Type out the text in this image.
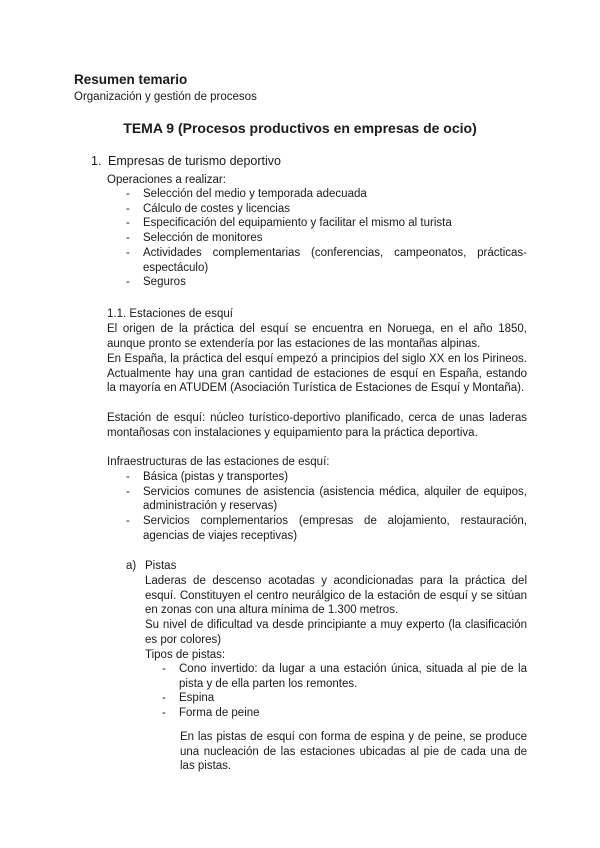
Resumen temario
Organización y gestión de procesos
TEMA 9 (Procesos productivos en empresas de ocio)
1. Empresas de turismo deportivo
Operaciones a realizar:
- Selección del medio y temporada adecuada
- Cálculo de costes y licencias
- Especificación del equipamiento y facilitar el mismo al turista
- Selección de monitores
- Actividades complementarias (conferencias, campeonatos, prácticas-espectáculo)
- Seguros
1.1. Estaciones de esquí
El origen de la práctica del esquí se encuentra en Noruega, en el año 1850, aunque pronto se extendería por las estaciones de las montañas alpinas.
En España, la práctica del esquí empezó a principios del siglo XX en los Pirineos. Actualmente hay una gran cantidad de estaciones de esquí en España, estando la mayoría en ATUDEM (Asociación Turística de Estaciones de Esquí y Montaña).
Estación de esquí: núcleo turístico-deportivo planificado, cerca de unas laderas montañosas con instalaciones y equipamiento para la práctica deportiva.
Infraestructuras de las estaciones de esquí:
- Básica (pistas y transportes)
- Servicios comunes de asistencia (asistencia médica, alquiler de equipos, administración y reservas)
- Servicios complementarios (empresas de alojamiento, restauración, agencias de viajes receptivas)
a) Pistas
Laderas de descenso acotadas y acondicionadas para la práctica del esquí. Constituyen el centro neurálgico de la estación de esquí y se sitúan en zonas con una altura mínima de 1.300 metros.
Su nivel de dificultad va desde principiante a muy experto (la clasificación es por colores)
Tipos de pistas:
- Cono invertido: da lugar a una estación única, situada al pie de la pista y de ella parten los remontes.
- Espina
- Forma de peine
En las pistas de esquí con forma de espina y de peine, se produce una nucleación de las estaciones ubicadas al pie de cada una de las pistas.
